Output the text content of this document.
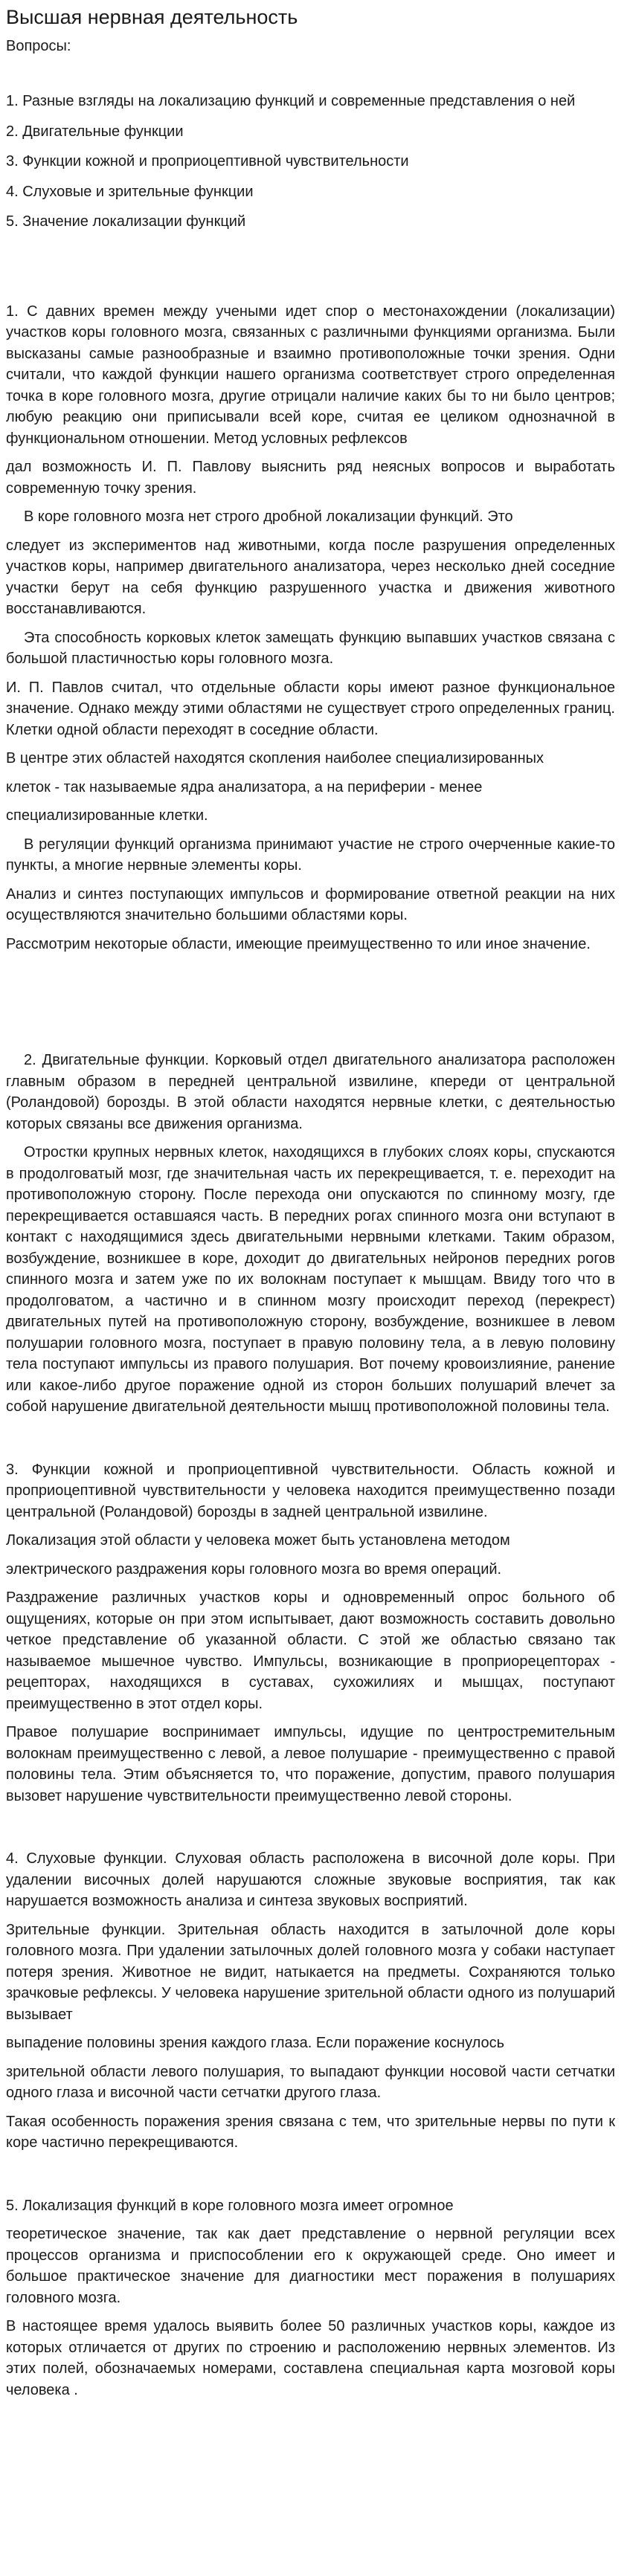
Высшая нервная деятельность
Вопросы:
1. Разные взгляды на локализацию функций и современные представления о ней
2. Двигательные функции
3. Функции кожной и проприоцептивной чувствительности
4. Слуховые и зрительные функции
5. Значение локализации функций

1. С давних времен между учеными идет спор о местонахождении (локализации) участков коры головного мозга, связанных с различными функциями организма. Были высказаны самые разнообразные и взаимно противоположные точки зрения. Одни считали, что каждой функции нашего организма соответствует строго определенная точка в коре головного мозга, другие отрицали наличие каких бы то ни было центров; любую реакцию они приписывали всей коре, считая ее целиком однозначной в функциональном отношении. Метод условных рефлексов

дал возможность И. П. Павлову выяснить ряд неясных вопросов и выработать современную точку зрения.

В коре головного мозга нет строго дробной локализации функций. Это

следует из экспериментов над животными, когда после разрушения определенных участков коры, например двигательного анализатора, через несколько дней соседние участки берут на себя функцию разрушенного участка и движения животного восстанавливаются.

Эта способность корковых клеток замещать функцию выпавших участков связана с большой пластичностью коры головного мозга.

И. П. Павлов считал, что отдельные области коры имеют разное функциональное значение. Однако между этими областями не существует строго определенных границ. Клетки одной области переходят в соседние области.

В центре этих областей находятся скопления наиболее специализированных

клеток - так называемые ядра анализатора, а на периферии - менее

специализированные клетки.

В регуляции функций организма принимают участие не строго очерченные какие-то пункты, а многие нервные элементы коры.

Анализ и синтез поступающих импульсов и формирование ответной реакции на них осуществляются значительно большими областями коры.

Рассмотрим некоторые области, имеющие преимущественно то или иное значение.

2. Двигательные функции. Корковый отдел двигательного анализатора расположен главным образом в передней центральной извилине, кпереди от центральной (Роландовой) борозды. В этой области находятся нервные клетки, с деятельностью которых связаны все движения организма.

Отростки крупных нервных клеток, находящихся в глубоких слоях коры, спускаются в продолговатый мозг, где значительная часть их перекрещивается, т. е. переходит на противоположную сторону. После перехода они опускаются по спинному мозгу, где перекрещивается оставшаяся часть. В передних рогах спинного мозга они вступают в контакт с находящимися здесь двигательными нервными клетками. Таким образом, возбуждение, возникшее в коре, доходит до двигательных нейронов передних рогов спинного мозга и затем уже по их волокнам поступает к мышцам. Ввиду того что в продолговатом, а частично и в спинном мозгу происходит переход (перекрест) двигательных путей на противоположную сторону, возбуждение, возникшее в левом полушарии головного мозга, поступает в правую половину тела, а в левую половину тела поступают импульсы из правого полушария. Вот почему кровоизлияние, ранение или какое-либо другое поражение одной из сторон больших полушарий влечет за собой нарушение двигательной деятельности мышц противоположной половины тела.

3. Функции кожной и проприоцептивной чувствительности. Область кожной и проприоцептивной чувствительности у человека находится преимущественно позади центральной (Роландовой) борозды в задней центральной извилине.

Локализация этой области у человека может быть установлена методом

электрического раздражения коры головного мозга во время операций.

Раздражение различных участков коры и одновременный опрос больного об ощущениях, которые он при этом испытывает, дают возможность составить довольно четкое представление об указанной области. С этой же областью связано так называемое мышечное чувство. Импульсы, возникающие в проприорецепторах - рецепторах, находящихся в суставах, сухожилиях и мышцах, поступают преимущественно в этот отдел коры.

Правое полушарие воспринимает импульсы, идущие по центростремительным волокнам преимущественно с левой, а левое полушарие - преимущественно с правой половины тела. Этим объясняется то, что поражение, допустим, правого полушария вызовет нарушение чувствительности преимущественно левой стороны.

4. Слуховые функции. Слуховая область расположена в височной доле коры. При удалении височных долей нарушаются сложные звуковые восприятия, так как нарушается возможность анализа и синтеза звуковых восприятий.

Зрительные функции. Зрительная область находится в затылочной доле коры головного мозга. При удалении затылочных долей головного мозга у собаки наступает потеря зрения. Животное не видит, натыкается на предметы. Сохраняются только зрачковые рефлексы. У человека нарушение зрительной области одного из полушарий вызывает

выпадение половины зрения каждого глаза. Если поражение коснулось

зрительной области левого полушария, то выпадают функции носовой части сетчатки одного глаза и височной части сетчатки другого глаза.

Такая особенность поражения зрения связана с тем, что зрительные нервы по пути к коре частично перекрещиваются.

5. Локализация функций в коре головного мозга имеет огромное

теоретическое значение, так как дает представление о нервной регуляции всех процессов организма и приспособлении его к окружающей среде. Оно имеет и большое практическое значение для диагностики мест поражения в полушариях головного мозга.

В настоящее время удалось выявить более 50 различных участков коры, каждое из которых отличается от других по строению и расположению нервных элементов. Из этих полей, обозначаемых номерами, составлена специальная карта мозговой коры человека .
